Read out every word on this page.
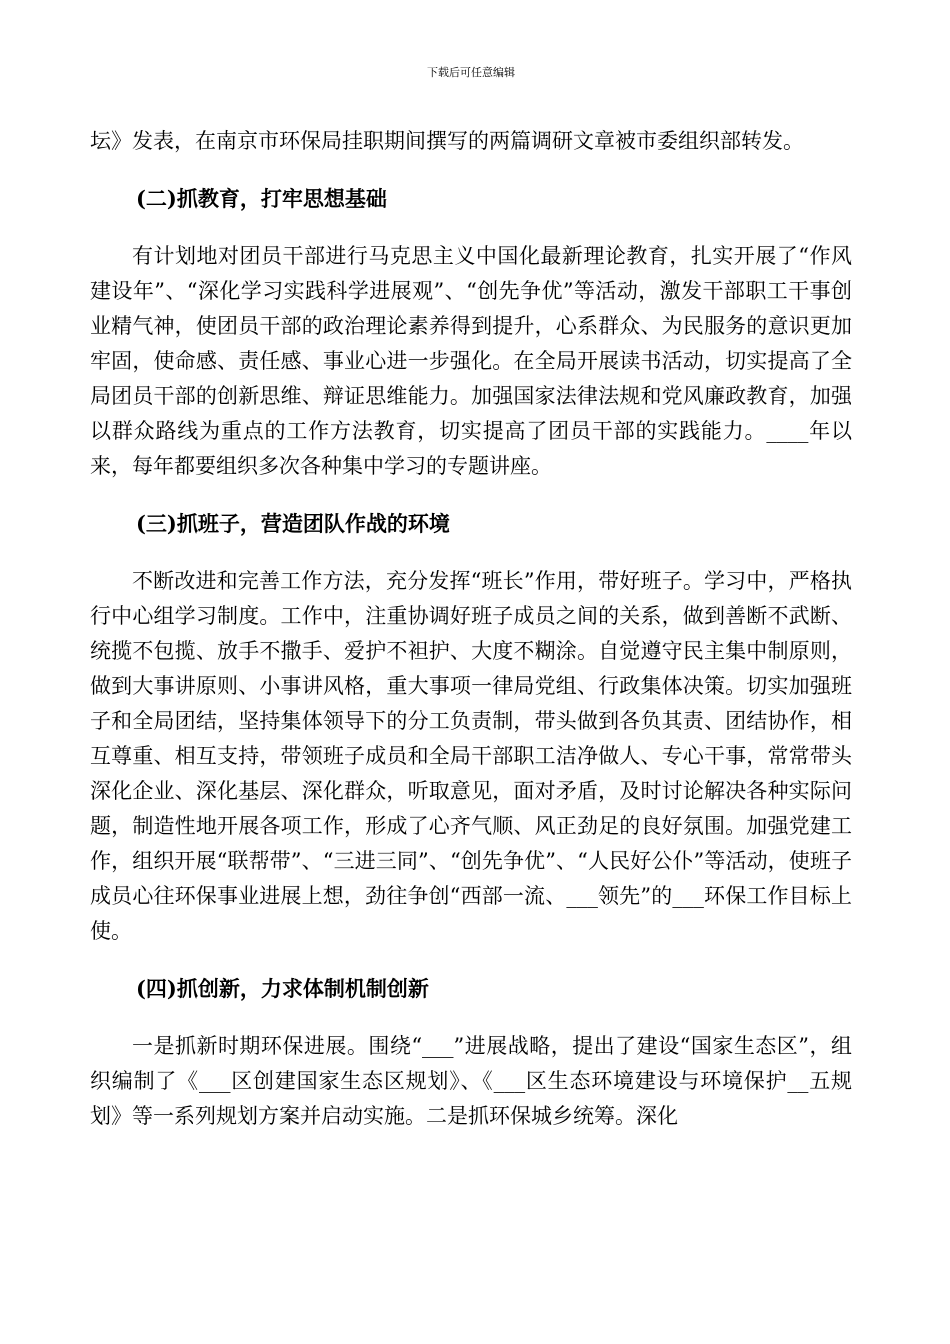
下载后可任意编辑

坛》发表，在南京市环保局挂职期间撰写的两篇调研文章被市委组织部转发。

(二)抓教育，打牢思想基础

有计划地对团员干部进行马克思主义中国化最新理论教育，扎实开展了“作风建设年”、“深化学习实践科学进展观”、“创先争优”等活动，激发干部职工干事创业精气神，使团员干部的政治理论素养得到提升，心系群众、为民服务的意识更加牢固，使命感、责任感、事业心进一步强化。在全局开展读书活动，切实提高了全局团员干部的创新思维、辩证思维能力。加强国家法律法规和党风廉政教育，加强以群众路线为重点的工作方法教育，切实提高了团员干部的实践能力。____年以来，每年都要组织多次各种集中学习的专题讲座。

(三)抓班子，营造团队作战的环境

不断改进和完善工作方法，充分发挥“班长”作用，带好班子。学习中，严格执行中心组学习制度。工作中，注重协调好班子成员之间的关系，做到善断不武断、统揽不包揽、放手不撒手、爱护不袒护、大度不糊涂。自觉遵守民主集中制原则，做到大事讲原则、小事讲风格，重大事项一律局党组、行政集体决策。切实加强班子和全局团结，坚持集体领导下的分工负责制，带头做到各负其责、团结协作，相互尊重、相互支持，带领班子成员和全局干部职工洁净做人、专心干事，常常带头深化企业、深化基层、深化群众，听取意见，面对矛盾，及时讨论解决各种实际问题，制造性地开展各项工作，形成了心齐气顺、风正劲足的良好氛围。加强党建工作，组织开展“联帮带”、“三进三同”、“创先争优”、“人民好公仆”等活动，使班子成员心往环保事业进展上想，劲往争创“西部一流、___领先”的___环保工作目标上使。

(四)抓创新，力求体制机制创新

一是抓新时期环保进展。围绕“___”进展战略，提出了建设“国家生态区”，组织编制了《___区创建国家生态区规划》、《___区生态环境建设与环境保护__五规划》等一系列规划方案并启动实施。二是抓环保城乡统筹。深化
